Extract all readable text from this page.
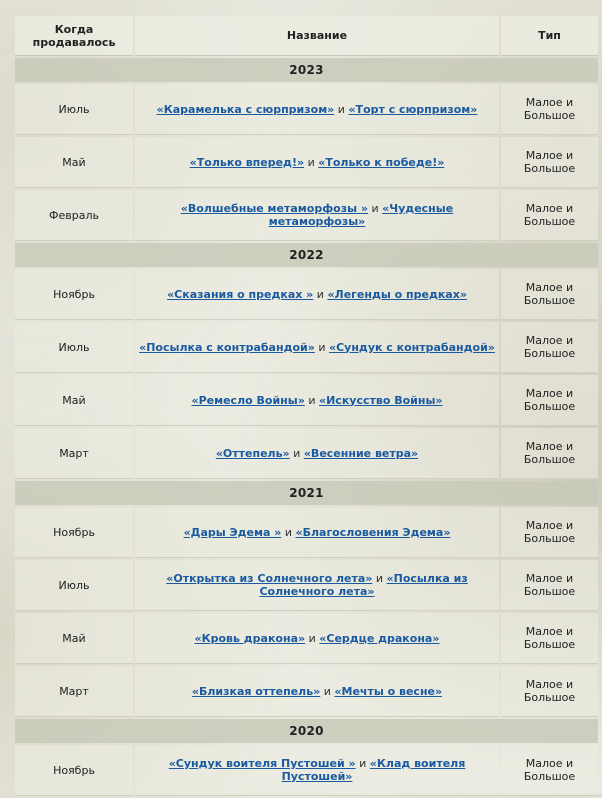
Когда продавалось	Название	Тип
2023		
Июль	«Карамелька с сюрпризом» и «Торт с сюрпризом»	Малое и Большое
Май	«Только вперед!» и «Только к победе!»	Малое и Большое
Февраль	«Волшебные метаморфозы » и «Чудесные метаморфозы»	Малое и Большое
2022		
Ноябрь	«Сказания о предках » и «Легенды о предках»	Малое и Большое
Июль	«Посылка с контрабандой» и «Сундук с контрабандой»	Малое и Большое
Май	«Ремесло Войны» и «Искусство Войны»	Малое и Большое
Март	«Оттепель» и «Весенние ветра»	Малое и Большое
2021		
Ноябрь	«Дары Эдема » и «Благословения Эдема»	Малое и Большое
Июль	«Открытка из Солнечного лета» и «Посылка из Солнечного лета»	Малое и Большое
Май	«Кровь дракона» и «Сердце дракона»	Малое и Большое
Март	«Близкая оттепель» и «Мечты о весне»	Малое и Большое
2020		
Ноябрь	«Сундук воителя Пустошей » и «Клад воителя Пустошей»	Малое и Большое
